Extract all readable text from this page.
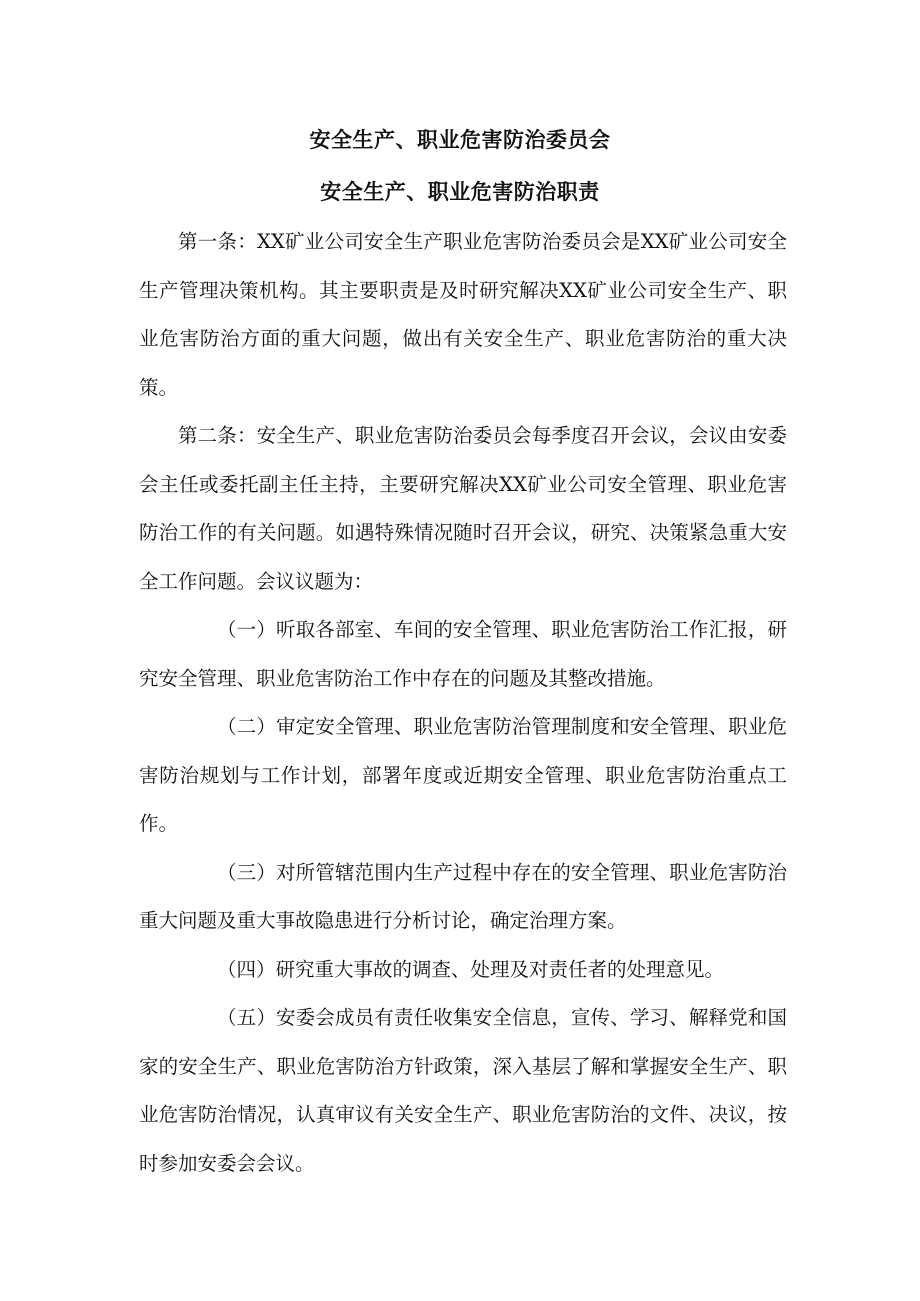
安全生产、职业危害防治委员会
安全生产、职业危害防治职责

第一条：XX矿业公司安全生产职业危害防治委员会是XX矿业公司安全生产管理决策机构。其主要职责是及时研究解决XX矿业公司安全生产、职业危害防治方面的重大问题，做出有关安全生产、职业危害防治的重大决策。

第二条：安全生产、职业危害防治委员会每季度召开会议，会议由安委会主任或委托副主任主持，主要研究解决XX矿业公司安全管理、职业危害防治工作的有关问题。如遇特殊情况随时召开会议，研究、决策紧急重大安全工作问题。会议议题为：

（一）听取各部室、车间的安全管理、职业危害防治工作汇报，研究安全管理、职业危害防治工作中存在的问题及其整改措施。

（二）审定安全管理、职业危害防治管理制度和安全管理、职业危害防治规划与工作计划，部署年度或近期安全管理、职业危害防治重点工作。

（三）对所管辖范围内生产过程中存在的安全管理、职业危害防治重大问题及重大事故隐患进行分析讨论，确定治理方案。

（四）研究重大事故的调查、处理及对责任者的处理意见。

（五）安委会成员有责任收集安全信息，宣传、学习、解释党和国家的安全生产、职业危害防治方针政策，深入基层了解和掌握安全生产、职业危害防治情况，认真审议有关安全生产、职业危害防治的文件、决议，按时参加安委会会议。
